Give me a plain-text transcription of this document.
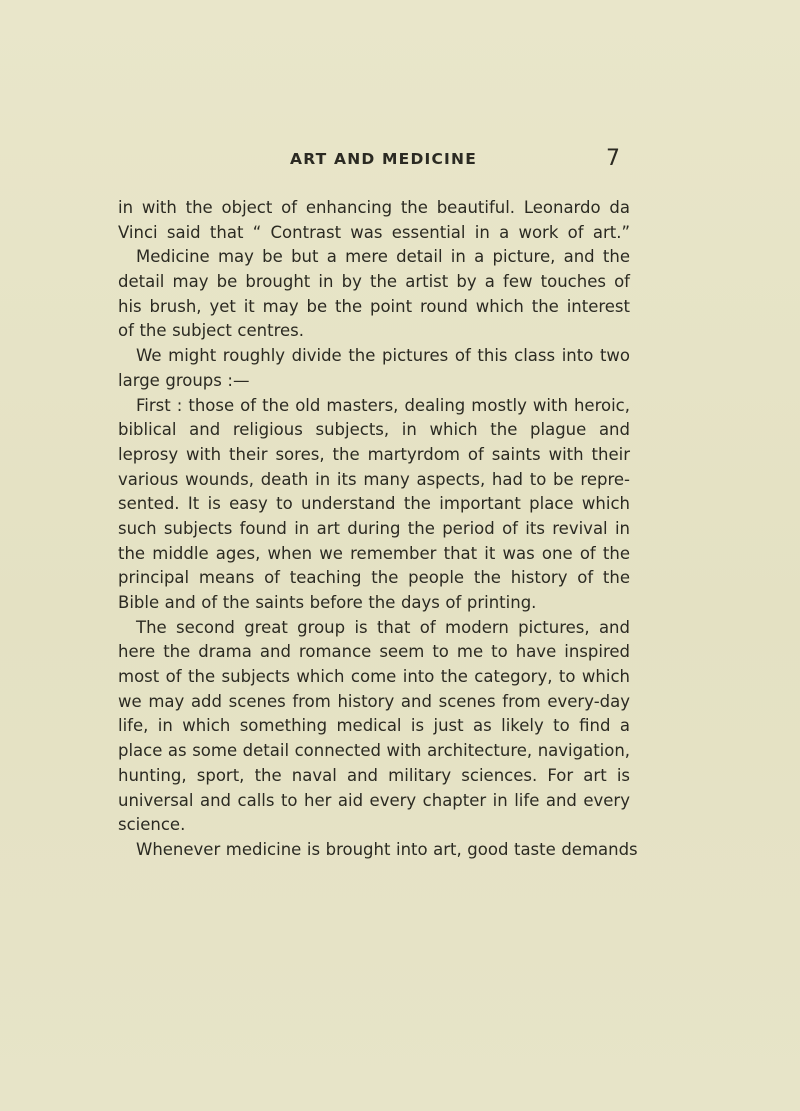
ART AND MEDICINE	7
in with the object of enhancing the beautiful. Leonardo da
Vinci said that “ Contrast was essential in a work of art.”
Medicine may be but a mere detail in a picture, and the
detail may be brought in by the artist by a few touches of
his brush, yet it may be the point round which the interest
of the subject centres.
We might roughly divide the pictures of this class into two
large groups :—
First : those of the old masters, dealing mostly with heroic,
biblical and religious subjects, in which the plague and
leprosy with their sores, the martyrdom of saints with their
various wounds, death in its many aspects, had to be repre-
sented. It is easy to understand the important place which
such subjects found in art during the period of its revival in
the middle ages, when we remember that it was one of the
principal means of teaching the people the history of the
Bible and of the saints before the days of printing.
The second great group is that of modern pictures, and
here the drama and romance seem to me to have inspired
most of the subjects which come into the category, to which
we may add scenes from history and scenes from every-day
life, in which something medical is just as likely to find a
place as some detail connected with architecture, navigation,
hunting, sport, the naval and military sciences. For art is
universal and calls to her aid every chapter in life and every
science.
Whenever medicine is brought into art, good taste demands
